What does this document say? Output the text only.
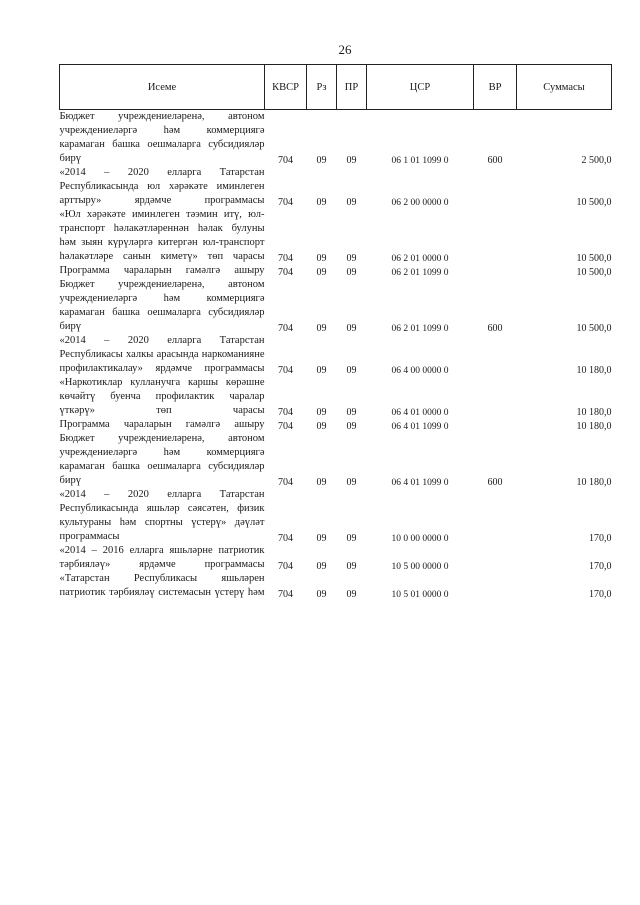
26
Исеме	КВСР	Рз	ПР	ЦСР	ВР	Суммасы
Бюджет учреждениеләренә, автоном учреждениеләргә һәм коммерциягә карамаган башка оешмаларга субсидияләр бирү	704	09	09	06 1 01 1099 0	600	2 500,0
«2014 – 2020 елларга Татарстан Республикасында юл хәрәкәте иминлеген арттыру» ярдәмче программасы	704	09	09	06 2 00 0000 0		10 500,0
«Юл хәрәкәте иминлеген тәэмин итү, юл-транспорт һәлакәтләреннән һәлак булуны һәм зыян күрүләргә китергән юл-транспорт һәлакәтләре санын киметү» төп чарасы	704	09	09	06 2 01 0000 0		10 500,0
Программа чараларын гамәлгә ашыру	704	09	09	06 2 01 1099 0		10 500,0
Бюджет учреждениеләренә, автоном учреждениеләргә һәм коммерциягә карамаган башка оешмаларга субсидияләр бирү	704	09	09	06 2 01 1099 0	600	10 500,0
«2014 – 2020 елларга Татарстан Республикасы халкы арасында наркоманияне профилактикалау» ярдәмче программасы	704	09	09	06 4 00 0000 0		10 180,0
«Наркотиклар кулланучга каршы көрәшне көчәйтү буенча профилактик чаралар үткәрү» төп чарасы	704	09	09	06 4 01 0000 0		10 180,0
Программа чараларын гамәлгә ашыру	704	09	09	06 4 01 1099 0		10 180,0
Бюджет учреждениеләренә, автоном учреждениеләргә һәм коммерциягә карамаган башка оешмаларга субсидияләр бирү	704	09	09	06 4 01 1099 0	600	10 180,0
«2014 – 2020 елларга Татарстан Республикасында яшьләр сәясәтен, физик культураны һәм спортны үстерү» дәүләт программасы	704	09	09	10 0 00 0000 0		170,0
«2014 – 2016 елларга яшьләрне патриотик тәрбияләү» ярдәмче программасы	704	09	09	10 5 00 0000 0		170,0
«Татарстан Республикасы яшьләрен патриотик тәрбияләү системасын үстерү һәм	704	09	09	10 5 01 0000 0		170,0
